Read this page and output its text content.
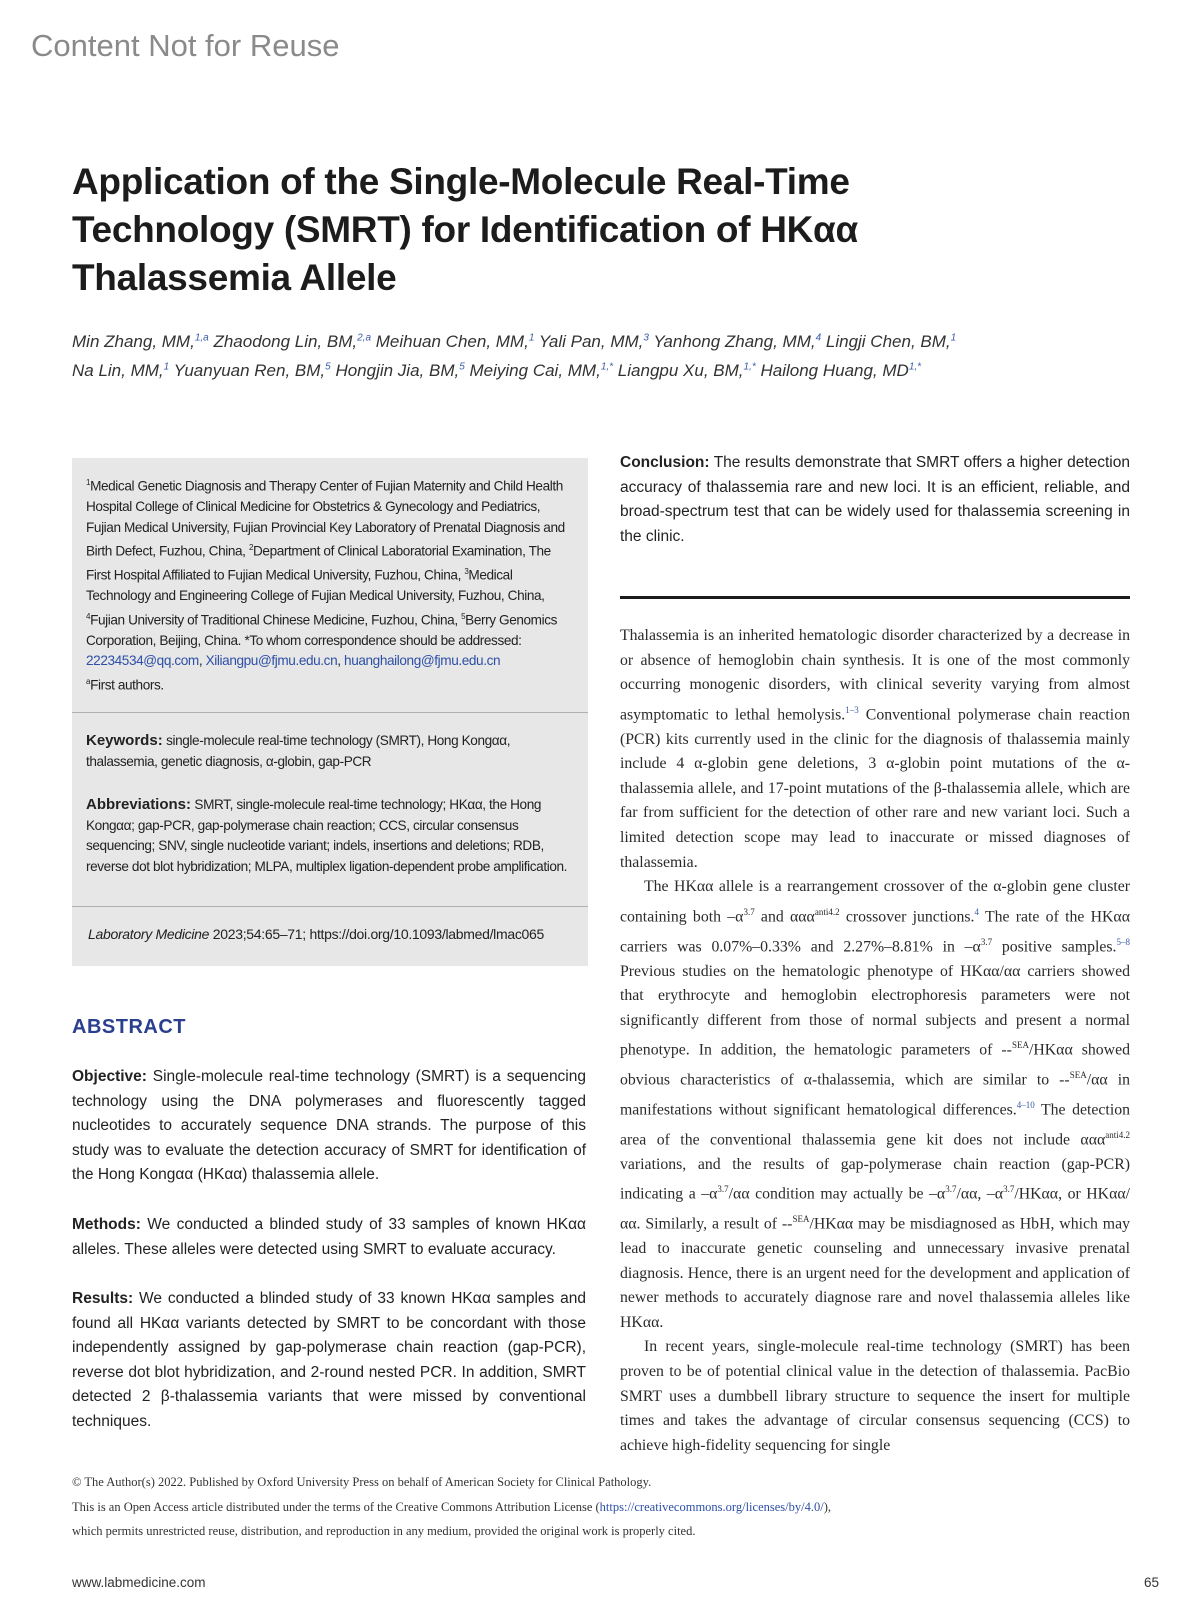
Content Not for Reuse
Application of the Single-Molecule Real-Time Technology (SMRT) for Identification of HKαα Thalassemia Allele
Min Zhang, MM,$^{1,a}$ Zhaodong Lin, BM,$^{2,a}$ Meihuan Chen, MM,$^1$ Yali Pan, MM,$^3$ Yanhong Zhang, MM,$^4$ Lingji Chen, BM,$^1$
Na Lin, MM,$^1$ Yuanyuan Ren, BM,$^5$ Hongjin Jia, BM,$^5$ Meiying Cai, MM,$^{1,*}$ Liangpu Xu, BM,$^{1,*}$ Hailong Huang, $MD^{1,*}$
$^1$Medical Genetic Diagnosis and Therapy Center of Fujian Maternity and Child Health Hospital College of Clinical Medicine for Obstetrics & Gynecology and Pediatrics, Fujian Medical University, Fujian Provincial Key Laboratory of Prenatal Diagnosis and Birth Defect, Fuzhou, China, $^2$Department of Clinical Laboratorial Examination, The First Hospital Affiliated to Fujian Medical University, Fuzhou, China, $^3$Medical Technology and Engineering College of Fujian Medical University, Fuzhou, China, $^4$Fujian University of Traditional Chinese Medicine, Fuzhou, China, $^5$Berry Genomics Corporation, Beijing, China. *To whom correspondence should be addressed: 22234534@qq.com, Xiliangpu@fjmu.edu.cn, huanghailong@fjmu.edu.cn
$^a$First authors.
Keywords: single-molecule real-time technology (SMRT), Hong Kongαα, thalassemia, genetic diagnosis, α-globin, gap-PCR
Abbreviations: SMRT, single-molecule real-time technology; HKαα, the Hong Kongαα; gap-PCR, gap-polymerase chain reaction; CCS, circular consensus sequencing; SNV, single nucleotide variant; indels, insertions and deletions; RDB, reverse dot blot hybridization; MLPA, multiplex ligation-dependent probe amplification.
Laboratory Medicine 2023;54:65–71; https://doi.org/10.1093/labmed/lmac065
ABSTRACT
Objective: Single-molecule real-time technology (SMRT) is a sequencing technology using the DNA polymerases and fluorescently tagged nucleotides to accurately sequence DNA strands. The purpose of this study was to evaluate the detection accuracy of SMRT for identification of the Hong Kongαα (HKαα) thalassemia allele.
Methods: We conducted a blinded study of 33 samples of known HKαα alleles. These alleles were detected using SMRT to evaluate accuracy.
Results: We conducted a blinded study of 33 known HKαα samples and found all HKαα variants detected by SMRT to be concordant with those independently assigned by gap-polymerase chain reaction (gap-PCR), reverse dot blot hybridization, and 2-round nested PCR. In addition, SMRT detected 2 β-thalassemia variants that were missed by conventional techniques.
Conclusion: The results demonstrate that SMRT offers a higher detection accuracy of thalassemia rare and new loci. It is an efficient, reliable, and broad-spectrum test that can be widely used for thalassemia screening in the clinic.

Thalassemia is an inherited hematologic disorder characterized by a decrease in or absence of hemoglobin chain synthesis. It is one of the most commonly occurring monogenic disorders, with clinical severity varying from almost asymptomatic to lethal hemolysis.$^{1-3}$ Conventional polymerase chain reaction (PCR) kits currently used in the clinic for the diagnosis of thalassemia mainly include 4 α-globin gene deletions, 3 α-globin point mutations of the α-thalassemia allele, and 17-point mutations of the β-thalassemia allele, which are far from sufficient for the detection of other rare and new variant loci. Such a limited detection scope may lead to inaccurate or missed diagnoses of thalassemia.

The HKαα allele is a rearrangement crossover of the α-globin gene cluster containing both $-\alpha^{3.7}$ and ααα$^{anti4.2}$ crossover junctions.$^4$ The rate of the HKαα carriers was 0.07%–0.33% and 2.27%–8.81% in $-\alpha^{3.7}$ positive samples.$^{5-8}$ Previous studies on the hematologic phenotype of HKαα/αα carriers showed that erythrocyte and hemoglobin electrophoresis parameters were not significantly different from those of normal subjects and present a normal phenotype. In addition, the hematologic parameters of --$^{SEA}$/HKαα showed obvious characteristics of α-thalassemia, which are similar to --$^{SEA}$/αα in manifestations without significant hematological differences.$^{4-10}$ The detection area of the conventional thalassemia gene kit does not include ααα$^{anti4.2}$ variations, and the results of gap-polymerase chain reaction (gap-PCR) indicating a $-\alpha^{3.7}/\alpha\alpha$ condition may actually be $-\alpha^{3.7}/\alpha\alpha$, $-\alpha^{3.7}$/HKαα, or HKαα/αα. Similarly, a result of --$^{SEA}$/HKαα may be misdiagnosed as HbH, which may lead to inaccurate genetic counseling and unnecessary invasive prenatal diagnosis. Hence, there is an urgent need for the development and application of newer methods to accurately diagnose rare and novel thalassemia alleles like HKαα.

In recent years, single-molecule real-time technology (SMRT) has been proven to be of potential clinical value in the detection of thalassemia. PacBio SMRT uses a dumbbell library structure to sequence the insert for multiple times and takes the advantage of circular consensus sequencing (CCS) to achieve high-fidelity sequencing for single

© The Author(s) 2022. Published by Oxford University Press on behalf of American Society for Clinical Pathology.
This is an Open Access article distributed under the terms of the Creative Commons Attribution License (https://creativecommons.org/licenses/by/4.0/),
which permits unrestricted reuse, distribution, and reproduction in any medium, provided the original work is properly cited.
www.labmedicine.com	65
